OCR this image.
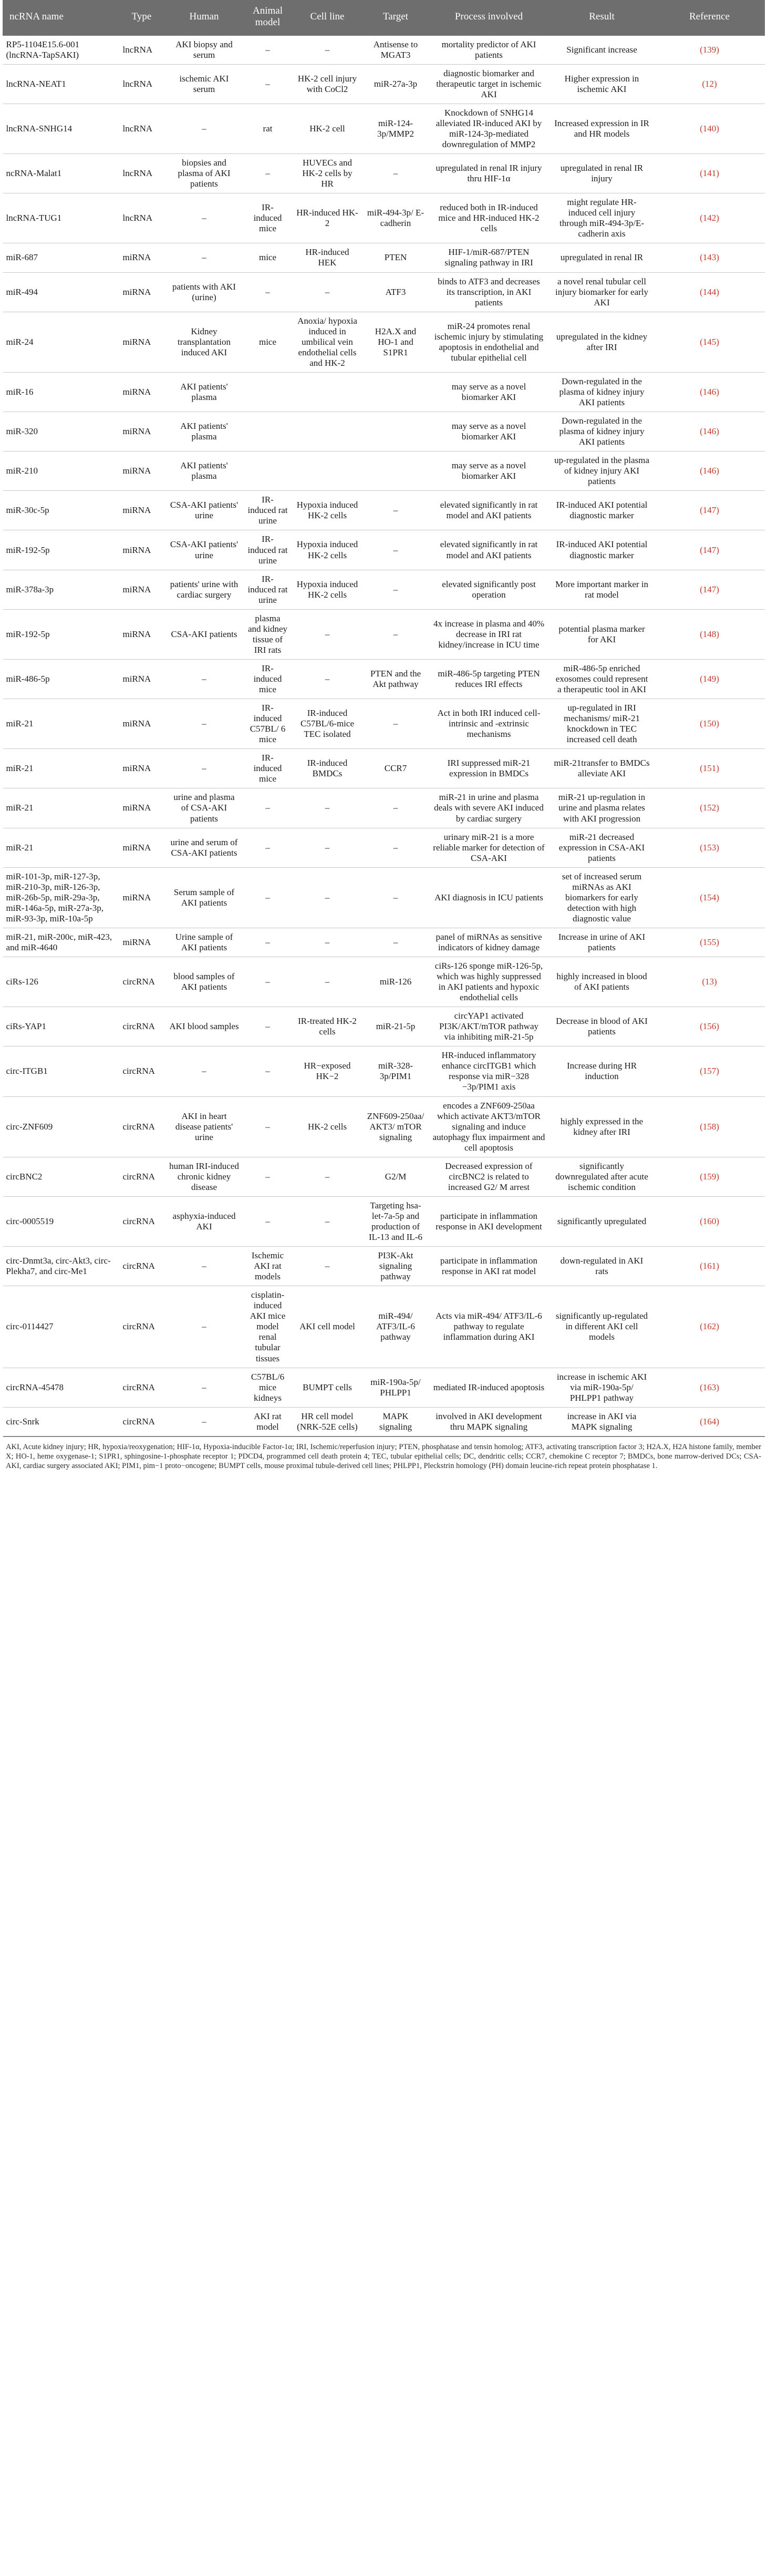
ncRNA name	Type	Human	Animal model	Cell line	Target	Process involved	Result	Reference
RP5-1104E15.6-001 (lncRNA-TapSAKI)	lncRNA	AKI biopsy and serum	–	–	Antisense to MGAT3	mortality predictor of AKI patients	Significant increase	(139)
lncRNA-NEAT1	lncRNA	ischemic AKI serum	–	HK-2 cell injury with CoCl2	miR-27a-3p	diagnostic biomarker and therapeutic target in ischemic AKI	Higher expression in ischemic AKI	(12)
lncRNA-SNHG14	lncRNA	–	rat	HK-2 cell	miR-124-3p/MMP2	Knockdown of SNHG14 alleviated IR-induced AKI by miR-124-3p-mediated downregulation of MMP2	Increased expression in IR and HR models	(140)
ncRNA-Malat1	lncRNA	biopsies and plasma of AKI patients	–	HUVECs and HK-2 cells by HR	–	upregulated in renal IR injury thru HIF-1α	upregulated in renal IR injury	(141)
lncRNA-TUG1	lncRNA	–	IR-induced mice	HR-induced HK-2	miR-494-3p/ E-cadherin	reduced both in IR-induced mice and HR-induced HK-2 cells	might regulate HR-induced cell injury through miR-494-3p/E-cadherin axis	(142)
miR-687	miRNA	–	mice	HR-induced HEK	PTEN	HIF-1/miR-687/PTEN signaling pathway in IRI	upregulated in renal IR	(143)
miR-494	miRNA	patients with AKI (urine)	–	–	ATF3	binds to ATF3 and decreases its transcription, in AKI patients	a novel renal tubular cell injury biomarker for early AKI	(144)
miR-24	miRNA	Kidney transplantation induced AKI	mice	Anoxia/ hypoxia induced in umbilical vein endothelial cells and HK-2	H2A.X and HO-1 and S1PR1	miR-24 promotes renal ischemic injury by stimulating apoptosis in endothelial and tubular epithelial cell	upregulated in the kidney after IRI	(145)
miR-16	miRNA	AKI patients' plasma				may serve as a novel biomarker AKI	Down-regulated in the plasma of kidney injury AKI patients	(146)
miR-320	miRNA	AKI patients' plasma				may serve as a novel biomarker AKI	Down-regulated in the plasma of kidney injury AKI patients	(146)
miR-210	miRNA	AKI patients' plasma				may serve as a novel biomarker AKI	up-regulated in the plasma of kidney injury AKI patients	(146)
miR-30c-5p	miRNA	CSA-AKI patients' urine	IR-induced rat urine	Hypoxia induced HK-2 cells	–	elevated significantly in rat model and AKI patients	IR-induced AKI potential diagnostic marker	(147)
miR-192-5p	miRNA	CSA-AKI patients' urine	IR-induced rat urine	Hypoxia induced HK-2 cells	–	elevated significantly in rat model and AKI patients	IR-induced AKI potential diagnostic marker	(147)
miR-378a-3p	miRNA	patients' urine with cardiac surgery	IR-induced rat urine	Hypoxia induced HK-2 cells	–	elevated significantly post operation	More important marker in rat model	(147)
miR-192-5p	miRNA	CSA-AKI patients	plasma and kidney tissue of IRI rats	–	–	4x increase in plasma and 40% decrease in IRI rat kidney/increase in ICU time	potential plasma marker for AKI	(148)
miR-486-5p	miRNA	–	IR-induced mice	–	PTEN and the Akt pathway	miR-486-5p targeting PTEN reduces IRI effects	miR-486-5p enriched exosomes could represent a therapeutic tool in AKI	(149)
miR-21	miRNA	–	IR-induced C57BL/ 6 mice	IR-induced C57BL/6-mice TEC isolated	–	Act in both IRI induced cell-intrinsic and -extrinsic mechanisms	up-regulated in IRI mechanisms/ miR-21 knockdown in TEC increased cell death	(150)
miR-21	miRNA	–	IR-induced mice	IR-induced BMDCs	CCR7	IRI suppressed miR-21 expression in BMDCs	miR-21transfer to BMDCs alleviate AKI	(151)
miR-21	miRNA	urine and plasma of CSA-AKI patients	–	–	–	miR-21 in urine and plasma deals with severe AKI induced by cardiac surgery	miR-21 up-regulation in urine and plasma relates with AKI progression	(152)
miR-21	miRNA	urine and serum of CSA-AKI patients	–	–	–	urinary miR-21 is a more reliable marker for detection of CSA-AKI	miR-21 decreased expression in CSA-AKI patients	(153)
miR-101-3p, miR-127-3p, miR-210-3p, miR-126-3p, miR-26b-5p, miR-29a-3p, miR-146a-5p, miR-27a-3p, miR-93-3p, miR-10a-5p	miRNA	Serum sample of AKI patients	–	–	–	AKI diagnosis in ICU patients	set of increased serum miRNAs as AKI biomarkers for early detection with high diagnostic value	(154)
miR-21, miR-200c, miR-423, and miR-4640	miRNA	Urine sample of AKI patients	–	–	–	panel of miRNAs as sensitive indicators of kidney damage	Increase in urine of AKI patients	(155)
ciRs-126	circRNA	blood samples of AKI patients	–	–	miR-126	ciRs-126 sponge miR-126-5p, which was highly suppressed in AKI patients and hypoxic endothelial cells	highly increased in blood of AKI patients	(13)
ciRs-YAP1	circRNA	AKI blood samples	–	IR-treated HK-2 cells	miR-21-5p	circYAP1 activated PI3K/AKT/mTOR pathway via inhibiting miR-21-5p	Decrease in blood of AKI patients	(156)
circ-ITGB1	circRNA	–	–	HR−exposed HK−2	miR-328-3p/PIM1	HR-induced inflammatory enhance circITGB1 which response via miR−328 −3p/PIM1 axis	Increase during HR induction	(157)
circ-ZNF609	circRNA	AKI in heart disease patients' urine	–	HK-2 cells	ZNF609-250aa/ AKT3/ mTOR signaling	encodes a ZNF609-250aa which activate AKT3/mTOR signaling and induce autophagy flux impairment and cell apoptosis	highly expressed in the kidney after IRI	(158)
circBNC2	circRNA	human IRI-induced chronic kidney disease	–	–	G2/M	Decreased expression of circBNC2 is related to increased G2/ M arrest	significantly downregulated after acute ischemic condition	(159)
circ-0005519	circRNA	asphyxia-induced AKI	–	–	Targeting hsa-let-7a-5p and production of IL-13 and IL-6	participate in inflammation response in AKI development	significantly upregulated	(160)
circ-Dnmt3a, circ-Akt3, circ-Plekha7, and circ-Me1	circRNA	–	Ischemic AKI rat models	–	PI3K-Akt signaling pathway	participate in inflammation response in AKI rat model	down-regulated in AKI rats	(161)
circ-0114427	circRNA	–	cisplatin-induced AKI mice model renal tubular tissues	AKI cell model	miR-494/ ATF3/IL-6 pathway	Acts via miR-494/ ATF3/IL-6 pathway to regulate inflammation during AKI	significantly up-regulated in different AKI cell models	(162)
circRNA-45478	circRNA	–	C57BL/6 mice kidneys	BUMPT cells	miR-190a-5p/ PHLPP1	mediated IR-induced apoptosis	increase in ischemic AKI via miR-190a-5p/ PHLPP1 pathway	(163)
circ-Snrk	circRNA	–	AKI rat model	HR cell model (NRK-52E cells)	MAPK signaling	involved in AKI development thru MAPK signaling	increase in AKI via MAPK signaling	(164)
AKI, Acute kidney injury; HR, hypoxia/reoxygenation; HIF-1α, Hypoxia-inducible Factor-1α; IRI, Ischemic/reperfusion injury; PTEN, phosphatase and tensin homolog; ATF3, activating transcription factor 3; H2A.X, H2A histone family, member X; HO-1, heme oxygenase-1; S1PR1, sphingosine-1-phosphate receptor 1; PDCD4, programmed cell death protein 4; TEC, tubular epithelial cells; DC, dendritic cells; CCR7, chemokine C receptor 7; BMDCs, bone marrow-derived DCs; CSA-AKI, cardiac surgery associated AKI; PIM1, pim−1 proto−oncogene; BUMPT cells, mouse proximal tubule-derived cell lines; PHLPP1, Pleckstrin homology (PH) domain leucine-rich repeat protein phosphatase 1.
